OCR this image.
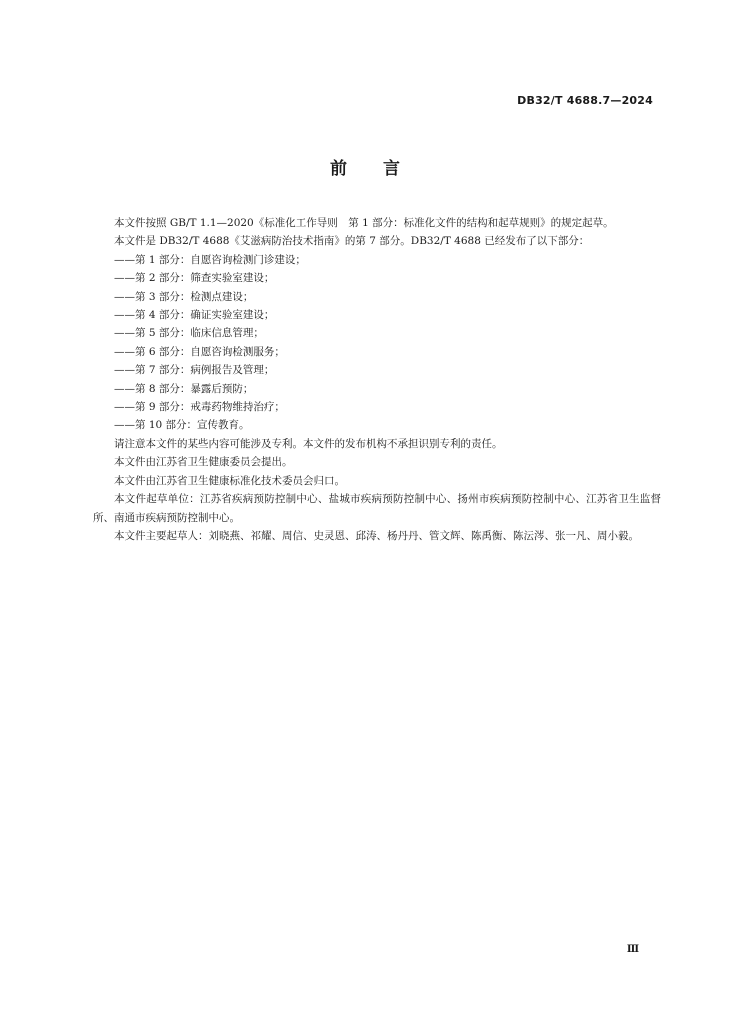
DB32/T 4688.7—2024
前言

本文件按照 GB/T 1.1—2020《标准化工作导则　第 1 部分：标准化文件的结构和起草规则》的规定起草。

本文件是 DB32/T 4688《艾滋病防治技术指南》的第 7 部分。DB32/T 4688 已经发布了以下部分：

——第 1 部分：自愿咨询检测门诊建设；

——第 2 部分：筛查实验室建设；

——第 3 部分：检测点建设；

——第 4 部分：确证实验室建设；

——第 5 部分：临床信息管理；

——第 6 部分：自愿咨询检测服务；

——第 7 部分：病例报告及管理；

——第 8 部分：暴露后预防；

——第 9 部分：戒毒药物维持治疗；

——第 10 部分：宣传教育。

请注意本文件的某些内容可能涉及专利。本文件的发布机构不承担识别专利的责任。

本文件由江苏省卫生健康委员会提出。

本文件由江苏省卫生健康标准化技术委员会归口。

本文件起草单位：江苏省疾病预防控制中心、盐城市疾病预防控制中心、扬州市疾病预防控制中心、江苏省卫生监督所、南通市疾病预防控制中心。

本文件主要起草人：刘晓燕、祁耀、周信、史灵恩、邱涛、杨丹丹、管文辉、陈禹衡、陈沄涔、张一凡、周小毅。

Ⅲ
